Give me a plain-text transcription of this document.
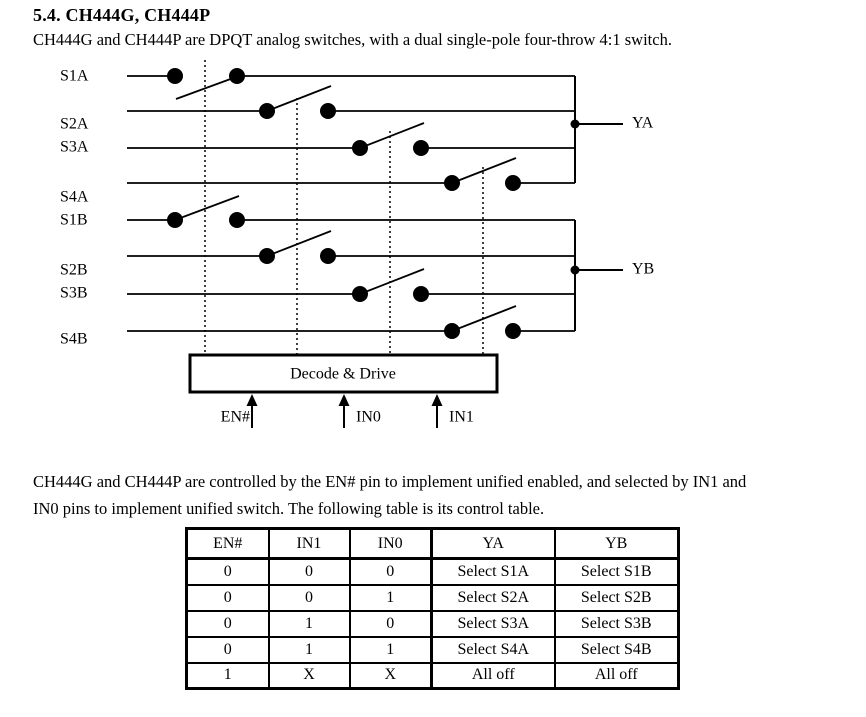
5.4. CH444G, CH444P
CH444G and CH444P are DPQT analog switches, with a dual single-pole four-throw 4:1 switch.
S1A
S2A
S3A
S4A
S1B
S2B
S3B
S4B
YA
YB
Decode & Drive
EN#	IN0	IN1
CH444G and CH444P are controlled by the EN# pin to implement unified enabled, and selected by IN1 and
IN0 pins to implement unified switch. The following table is its control table.
EN#	IN1	IN0	YA	YB
0	0	0	Select S1A	Select S1B
0	0	1	Select S2A	Select S2B
0	1	0	Select S3A	Select S3B
0	1	1	Select S4A	Select S4B
1	X	X	All off	All off
